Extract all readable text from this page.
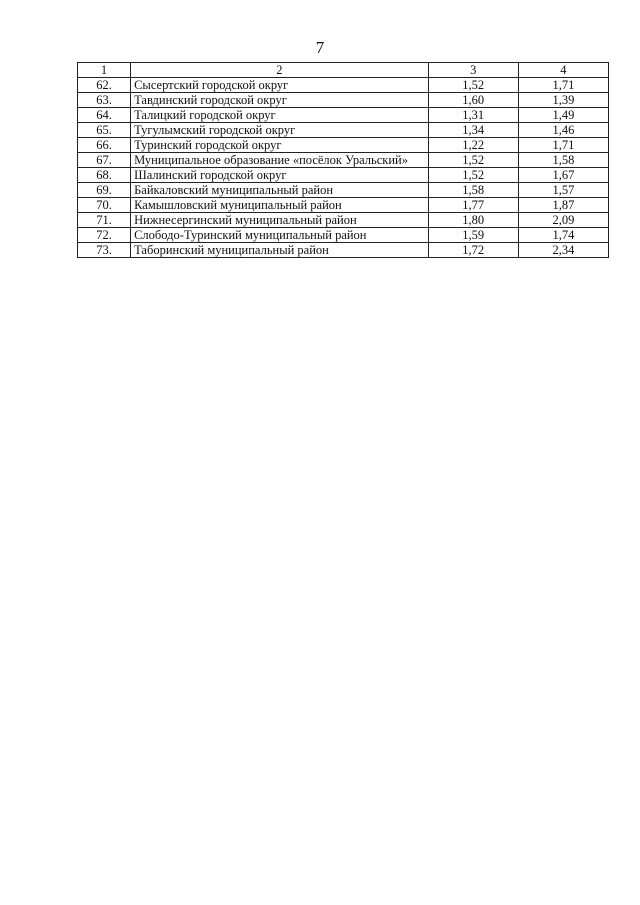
7
1	2	3	4
62.	Сысертский городской округ	1,52	1,71
63.	Тавдинский городской округ	1,60	1,39
64.	Талицкий городской округ	1,31	1,49
65.	Тугулымский городской округ	1,34	1,46
66.	Туринский городской округ	1,22	1,71
67.	Муниципальное образование «посёлок Уральский»	1,52	1,58
68.	Шалинский городской округ	1,52	1,67
69.	Байкаловский муниципальный район	1,58	1,57
70.	Камышловский муниципальный район	1,77	1,87
71.	Нижнесергинский муниципальный район	1,80	2,09
72.	Слободо-Туринский муниципальный район	1,59	1,74
73.	Таборинский муниципальный район	1,72	2,34
